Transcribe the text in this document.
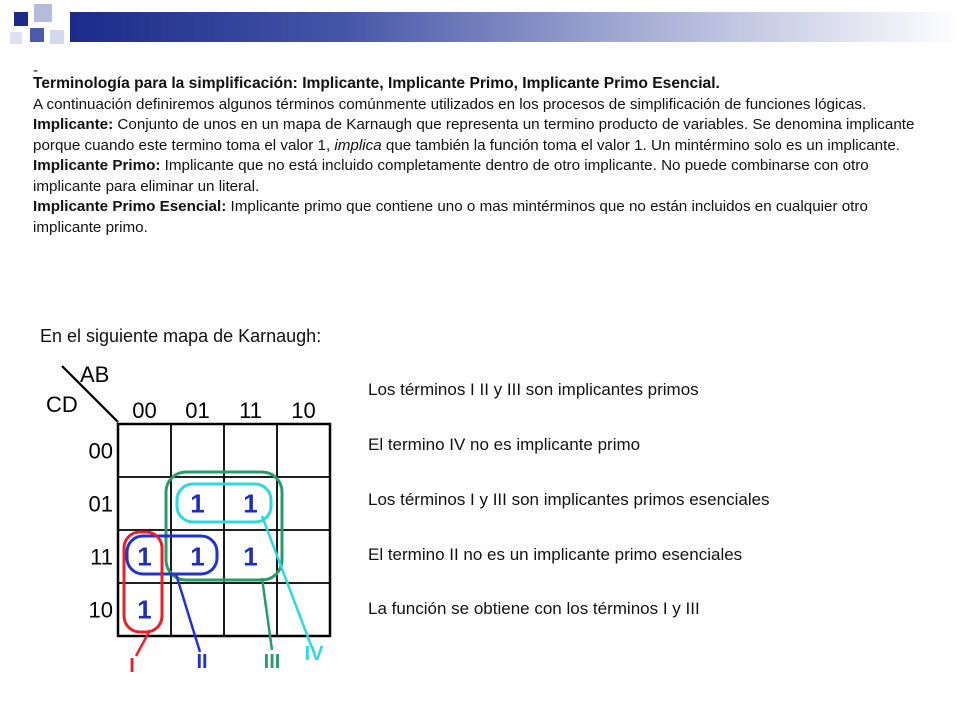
-

Terminología para la simplificación: Implicante, Implicante Primo, Implicante Primo Esencial.

A continuación definiremos algunos términos comúnmente utilizados en los procesos de simplificación de funciones lógicas.

Implicante: Conjunto de unos en un mapa de Karnaugh que representa un termino producto de variables. Se denomina implicante porque cuando este termino toma el valor 1, implica que también la función toma el valor 1. Un mintérmino solo es un implicante.

Implicante Primo: Implicante que no está incluido completamente dentro de otro implicante. No puede combinarse con otro implicante para eliminar un literal.

Implicante Primo Esencial: Implicante primo que contiene uno o mas mintérminos que no están incluidos en cualquier otro implicante primo.

En el siguiente mapa de Karnaugh:
AB
CD 00 01 11 10
00
01
11
10
1 1
1 1 1
1
I	II	III IV
Los términos I II y III son implicantes primos
El termino IV no es implicante primo
Los términos I y III son implicantes primos esenciales
El termino II no es un implicante primo esenciales
La función se obtiene con los términos I y III
